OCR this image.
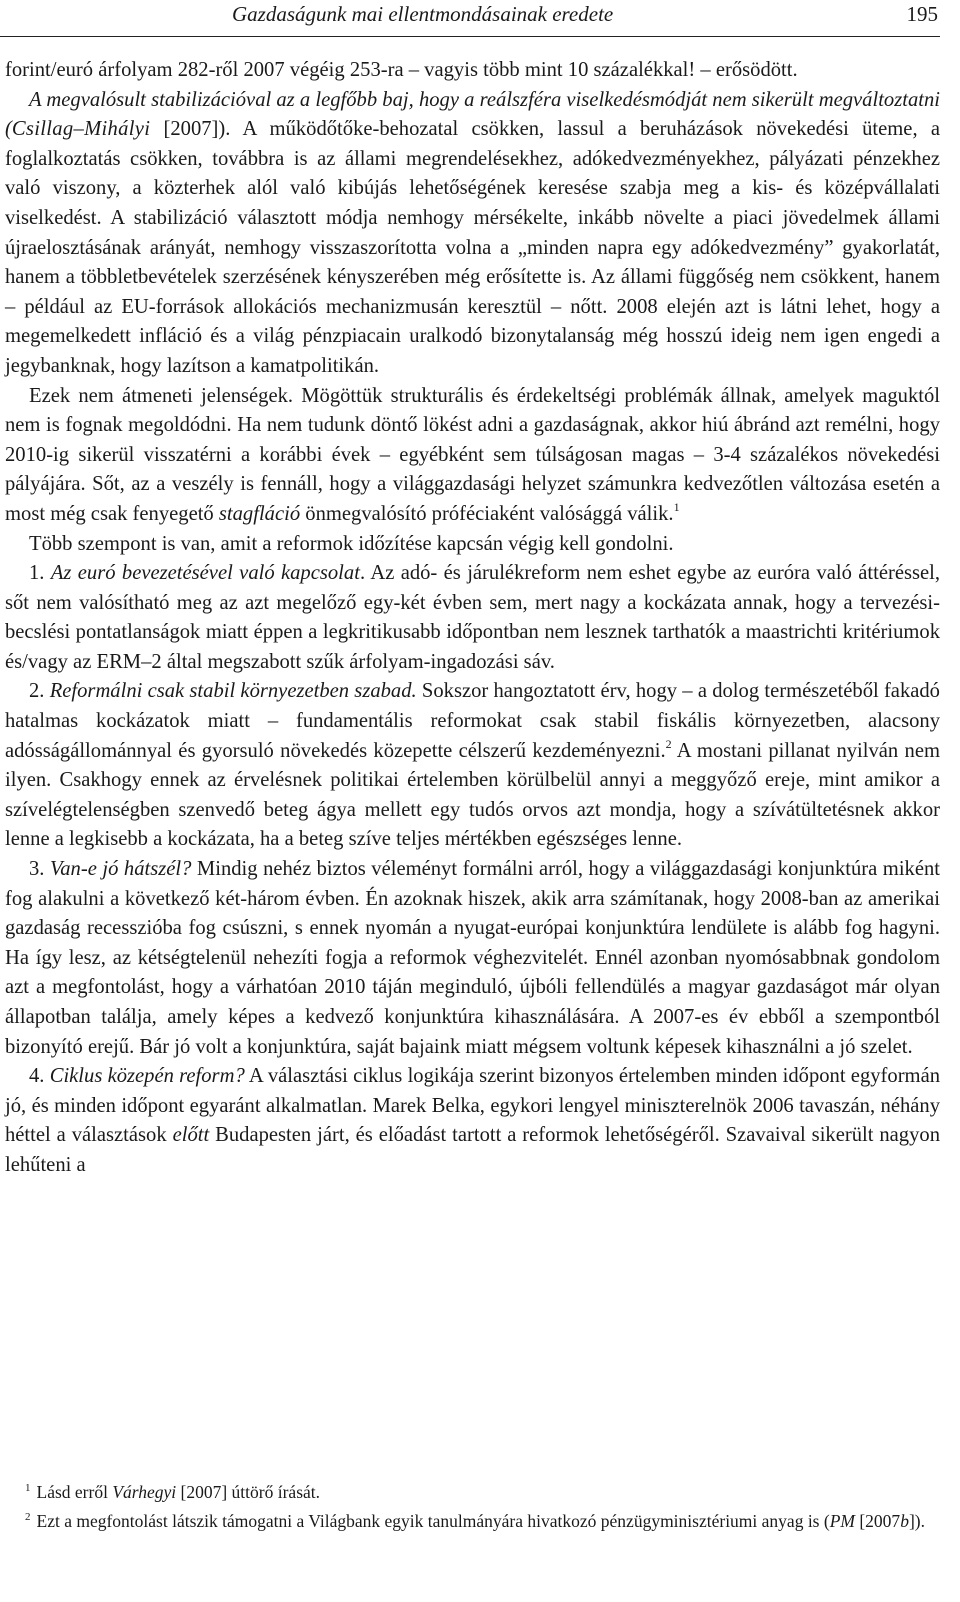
Gazdaságunk mai ellentmondásainak eredete	195

forint/euró árfolyam 282-ről 2007 végéig 253-ra – vagyis több mint 10 százalékkal! – erősödött.

A megvalósult stabilizációval az a legfőbb baj, hogy a reálszféra viselkedésmódját nem sikerült megváltoztatni (Csillag–Mihályi [2007]). A működőtőke-behozatal csökken, lassul a beruházások növekedési üteme, a foglalkoztatás csökken, továbbra is az állami megrendelésekhez, adókedvezményekhez, pályázati pénzekhez való viszony, a közterhek alól való kibújás lehetőségének keresése szabja meg a kis- és középvállalati viselkedést. A stabilizáció választott módja nemhogy mérsékelte, inkább növelte a piaci jövedelmek állami újraelosztásának arányát, nemhogy visszaszorította volna a „minden napra egy adókedvezmény” gyakorlatát, hanem a többletbevételek szerzésének kényszerében még erősítette is. Az állami függőség nem csökkent, hanem – például az EU-források allokációs mechanizmusán keresztül – nőtt. 2008 elején azt is látni lehet, hogy a megemelkedett infláció és a világ pénzpiacain uralkodó bizonytalanság még hosszú ideig nem igen engedi a jegybanknak, hogy lazítson a kamatpolitikán.

Ezek nem átmeneti jelenségek. Mögöttük strukturális és érdekeltségi problémák állnak, amelyek maguktól nem is fognak megoldódni. Ha nem tudunk döntő lökést adni a gazdaságnak, akkor hiú ábránd azt remélni, hogy 2010-ig sikerül visszatérni a korábbi évek – egyébként sem túlságosan magas – 3-4 százalékos növekedési pályájára. Sőt, az a veszély is fennáll, hogy a világgazdasági helyzet számunkra kedvezőtlen változása esetén a most még csak fenyegető stagfláció önmegvalósító próféciaként valósággá válik.$^1$

Több szempont is van, amit a reformok időzítése kapcsán végig kell gondolni.

1. Az euró bevezetésével való kapcsolat. Az adó- és járulékreform nem eshet egybe az euróra való áttéréssel, sőt nem valósítható meg az azt megelőző egy-két évben sem, mert nagy a kockázata annak, hogy a tervezési-becslési pontatlanságok miatt éppen a legkritikusabb időpontban nem lesznek tarthatók a maastrichti kritériumok és/vagy az ERM–2 által megszabott szűk árfolyam-ingadozási sáv.

2. Reformálni csak stabil környezetben szabad. Sokszor hangoztatott érv, hogy – a dolog természetéből fakadó hatalmas kockázatok miatt – fundamentális reformokat csak stabil fiskális környezetben, alacsony adósságállománnyal és gyorsuló növekedés közepette célszerű kezdeményezni.$^2$ A mostani pillanat nyilván nem ilyen. Csakhogy ennek az érvelésnek politikai értelemben körülbelül annyi a meggyőző ereje, mint amikor a szívelégtelenségben szenvedő beteg ágya mellett egy tudós orvos azt mondja, hogy a szívátültetésnek akkor lenne a legkisebb a kockázata, ha a beteg szíve teljes mértékben egészséges lenne.

3. Van-e jó hátszél? Mindig nehéz biztos véleményt formálni arról, hogy a világgazdasági konjunktúra miként fog alakulni a következő két-három évben. Én azoknak hiszek, akik arra számítanak, hogy 2008-ban az amerikai gazdaság recesszióba fog csúszni, s ennek nyomán a nyugat-európai konjunktúra lendülete is alább fog hagyni. Ha így lesz, az kétségtelenül nehezíti fogja a reformok véghezvitelét. Ennél azonban nyomósabbnak gondolom azt a megfontolást, hogy a várhatóan 2010 táján meginduló, újbóli fellendülés a magyar gazdaságot már olyan állapotban találja, amely képes a kedvező konjunktúra kihasználására. A 2007-es év ebből a szempontból bizonyító erejű. Bár jó volt a konjunktúra, saját bajaink miatt mégsem voltunk képesek kihasználni a jó szelet.

4. Ciklus közepén reform? A választási ciklus logikája szerint bizonyos értelemben minden időpont egyformán jó, és minden időpont egyaránt alkalmatlan. Marek Belka, egykori lengyel miniszterelnök 2006 tavaszán, néhány héttel a választások előtt Budapesten járt, és előadást tartott a reformok lehetőségéről. Szavaival sikerült nagyon lehűteni a

$^1$ Lásd erről Várhegyi [2007] úttörő írását.

$^2$ Ezt a megfontolást látszik támogatni a Világbank egyik tanulmányára hivatkozó pénzügyminisztériumi anyag is (PM [2007b]).
